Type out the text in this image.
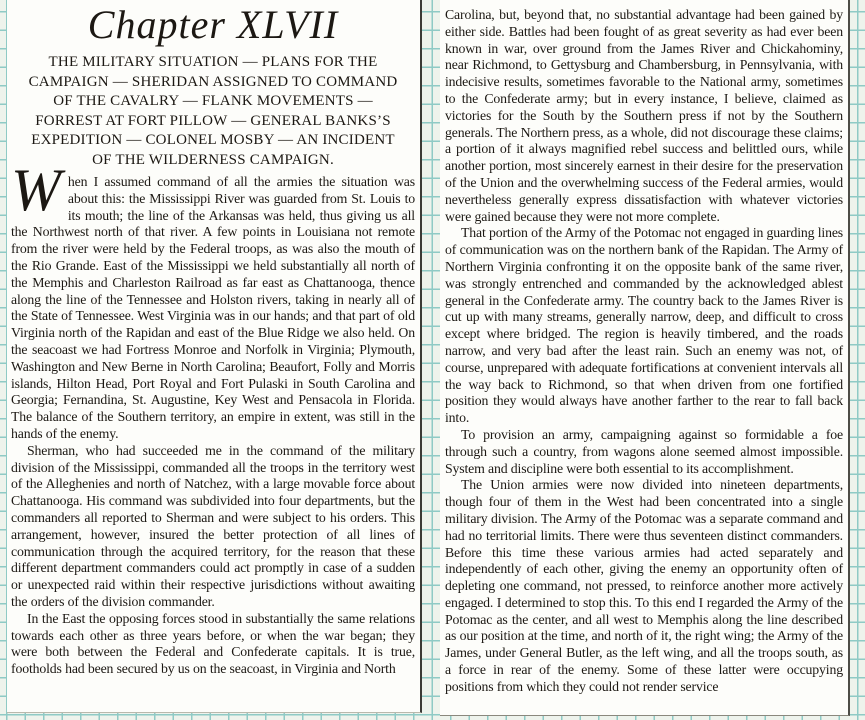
Chapter XLVII
THE MILITARY SITUATION — PLANS FOR THE CAMPAIGN — SHERIDAN ASSIGNED TO COMMAND OF THE CAVALRY — FLANK MOVEMENTS — FORREST AT FORT PILLOW — GENERAL BANKS’S EXPEDITION — COLONEL MOSBY — AN INCIDENT OF THE WILDERNESS CAMPAIGN.

When I assumed command of all the armies the situation was about this: the Mississippi River was guarded from St. Louis to its mouth; the line of the Arkansas was held, thus giving us all the Northwest north of that river. A few points in Louisiana not remote from the river were held by the Federal troops, as was also the mouth of the Rio Grande. East of the Mississippi we held substantially all north of the Memphis and Charleston Railroad as far east as Chattanooga, thence along the line of the Tennessee and Holston rivers, taking in nearly all of the State of Tennessee. West Virginia was in our hands; and that part of old Virginia north of the Rapidan and east of the Blue Ridge we also held. On the seacoast we had Fortress Monroe and Norfolk in Virginia; Plymouth, Washington and New Berne in North Carolina; Beaufort, Folly and Morris islands, Hilton Head, Port Royal and Fort Pulaski in South Carolina and Georgia; Fernandina, St. Augustine, Key West and Pensacola in Florida. The balance of the Southern territory, an empire in extent, was still in the hands of the enemy.

Sherman, who had succeeded me in the command of the military division of the Mississippi, commanded all the troops in the territory west of the Alleghenies and north of Natchez, with a large movable force about Chattanooga. His command was subdivided into four departments, but the commanders all reported to Sherman and were subject to his orders. This arrangement, however, insured the better protection of all lines of communication through the acquired territory, for the reason that these different department commanders could act promptly in case of a sudden or unexpected raid within their respective jurisdictions without awaiting the orders of the division commander.

In the East the opposing forces stood in substantially the same relations towards each other as three years before, or when the war began; they were both between the Federal and Confederate capitals. It is true, footholds had been secured by us on the seacoast, in Virginia and North

Carolina, but, beyond that, no substantial advantage had been gained by either side. Battles had been fought of as great severity as had ever been known in war, over ground from the James River and Chickahominy, near Richmond, to Gettysburg and Chambersburg, in Pennsylvania, with indecisive results, sometimes favorable to the National army, sometimes to the Confederate army; but in every instance, I believe, claimed as victories for the South by the Southern press if not by the Southern generals. The Northern press, as a whole, did not discourage these claims; a portion of it always magnified rebel success and belittled ours, while another portion, most sincerely earnest in their desire for the preservation of the Union and the overwhelming success of the Federal armies, would nevertheless generally express dissatisfaction with whatever victories were gained because they were not more complete.

That portion of the Army of the Potomac not engaged in guarding lines of communication was on the northern bank of the Rapidan. The Army of Northern Virginia confronting it on the opposite bank of the same river, was strongly entrenched and commanded by the acknowledged ablest general in the Confederate army. The country back to the James River is cut up with many streams, generally narrow, deep, and difficult to cross except where bridged. The region is heavily timbered, and the roads narrow, and very bad after the least rain. Such an enemy was not, of course, unprepared with adequate fortifications at convenient intervals all the way back to Richmond, so that when driven from one fortified position they would always have another farther to the rear to fall back into.

To provision an army, campaigning against so formidable a foe through such a country, from wagons alone seemed almost impossible. System and discipline were both essential to its accomplishment.

The Union armies were now divided into nineteen departments, though four of them in the West had been concentrated into a single military division. The Army of the Potomac was a separate command and had no territorial limits. There were thus seventeen distinct commanders. Before this time these various armies had acted separately and independently of each other, giving the enemy an opportunity often of depleting one command, not pressed, to reinforce another more actively engaged. I determined to stop this. To this end I regarded the Army of the Potomac as the center, and all west to Memphis along the line described as our position at the time, and north of it, the right wing; the Army of the James, under General Butler, as the left wing, and all the troops south, as a force in rear of the enemy. Some of these latter were occupying positions from which they could not render service
